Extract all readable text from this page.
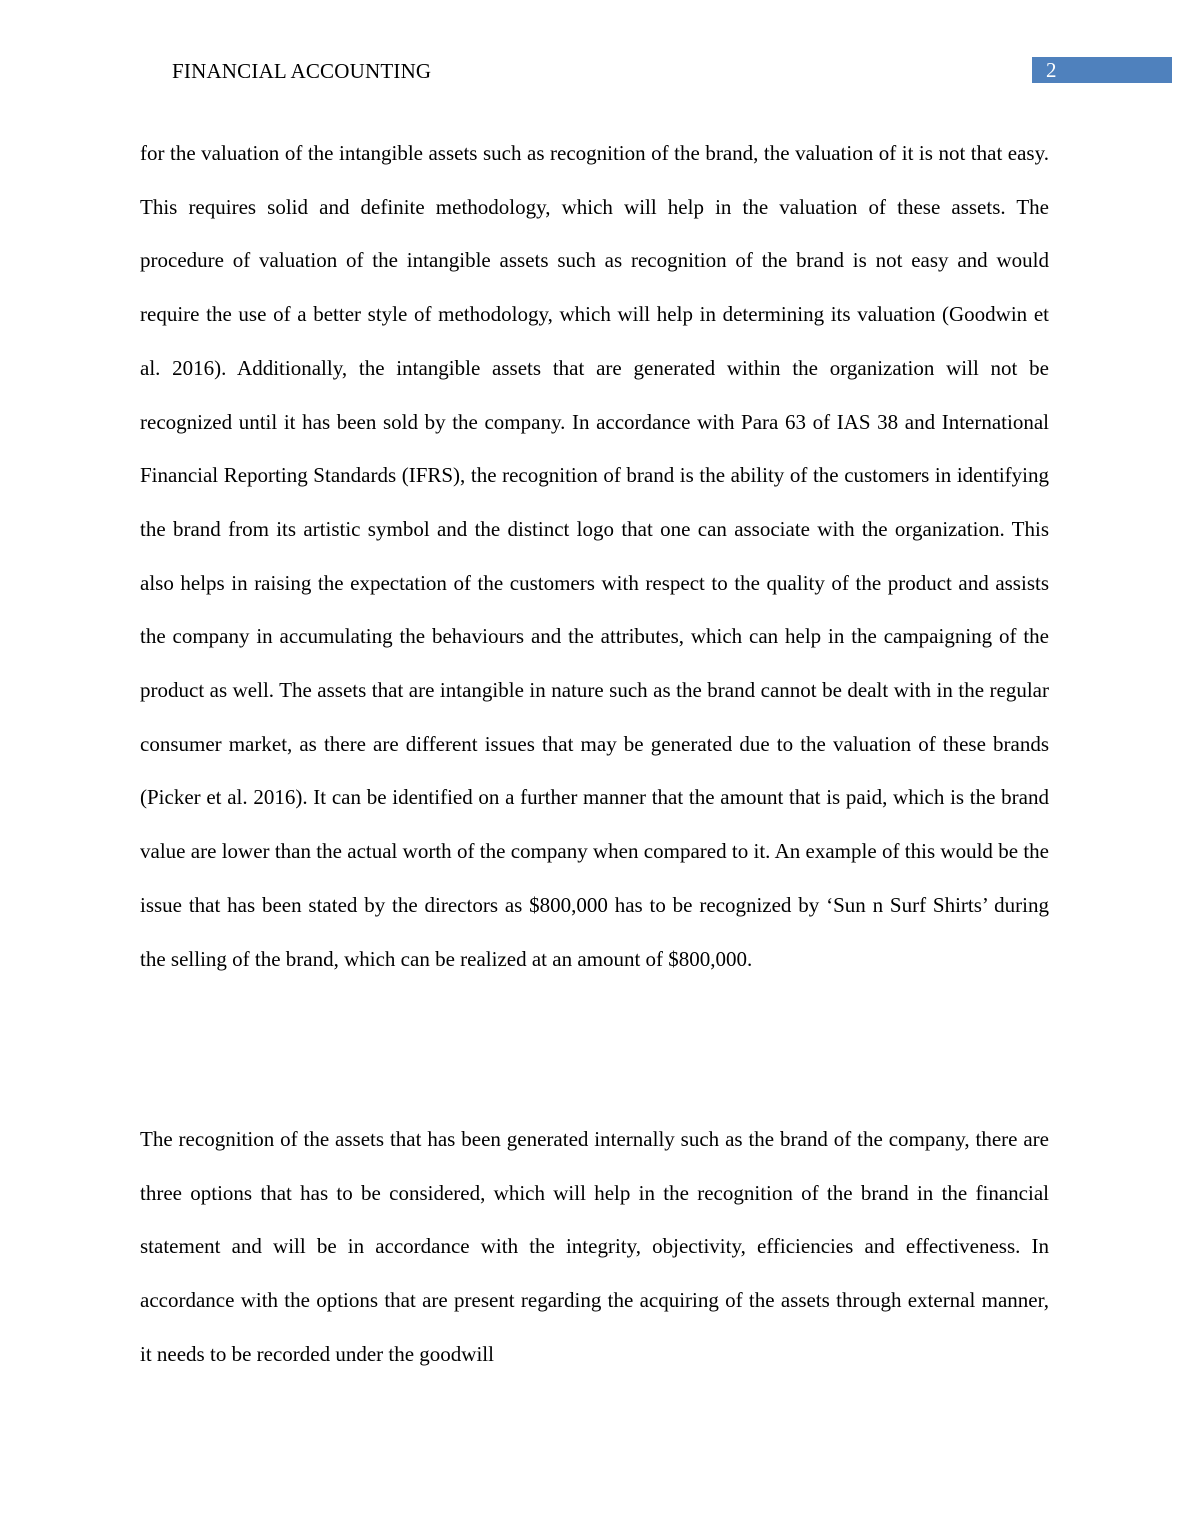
FINANCIAL ACCOUNTING	2

for the valuation of the intangible assets such as recognition of the brand, the valuation of it is not that easy. This requires solid and definite methodology, which will help in the valuation of these assets. The procedure of valuation of the intangible assets such as recognition of the brand is not easy and would require the use of a better style of methodology, which will help in determining its valuation (Goodwin et al. 2016). Additionally, the intangible assets that are generated within the organization will not be recognized until it has been sold by the company. In accordance with Para 63 of IAS 38 and International Financial Reporting Standards (IFRS), the recognition of brand is the ability of the customers in identifying the brand from its artistic symbol and the distinct logo that one can associate with the organization. This also helps in raising the expectation of the customers with respect to the quality of the product and assists the company in accumulating the behaviours and the attributes, which can help in the campaigning of the product as well. The assets that are intangible in nature such as the brand cannot be dealt with in the regular consumer market, as there are different issues that may be generated due to the valuation of these brands (Picker et al. 2016). It can be identified on a further manner that the amount that is paid, which is the brand value are lower than the actual worth of the company when compared to it. An example of this would be the issue that has been stated by the directors as $800,000 has to be recognized by ‘Sun n Surf Shirts’ during the selling of the brand, which can be realized at an amount of $800,000.

The recognition of the assets that has been generated internally such as the brand of the company, there are three options that has to be considered, which will help in the recognition of the brand in the financial statement and will be in accordance with the integrity, objectivity, efficiencies and effectiveness. In accordance with the options that are present regarding the acquiring of the assets through external manner, it needs to be recorded under the goodwill
